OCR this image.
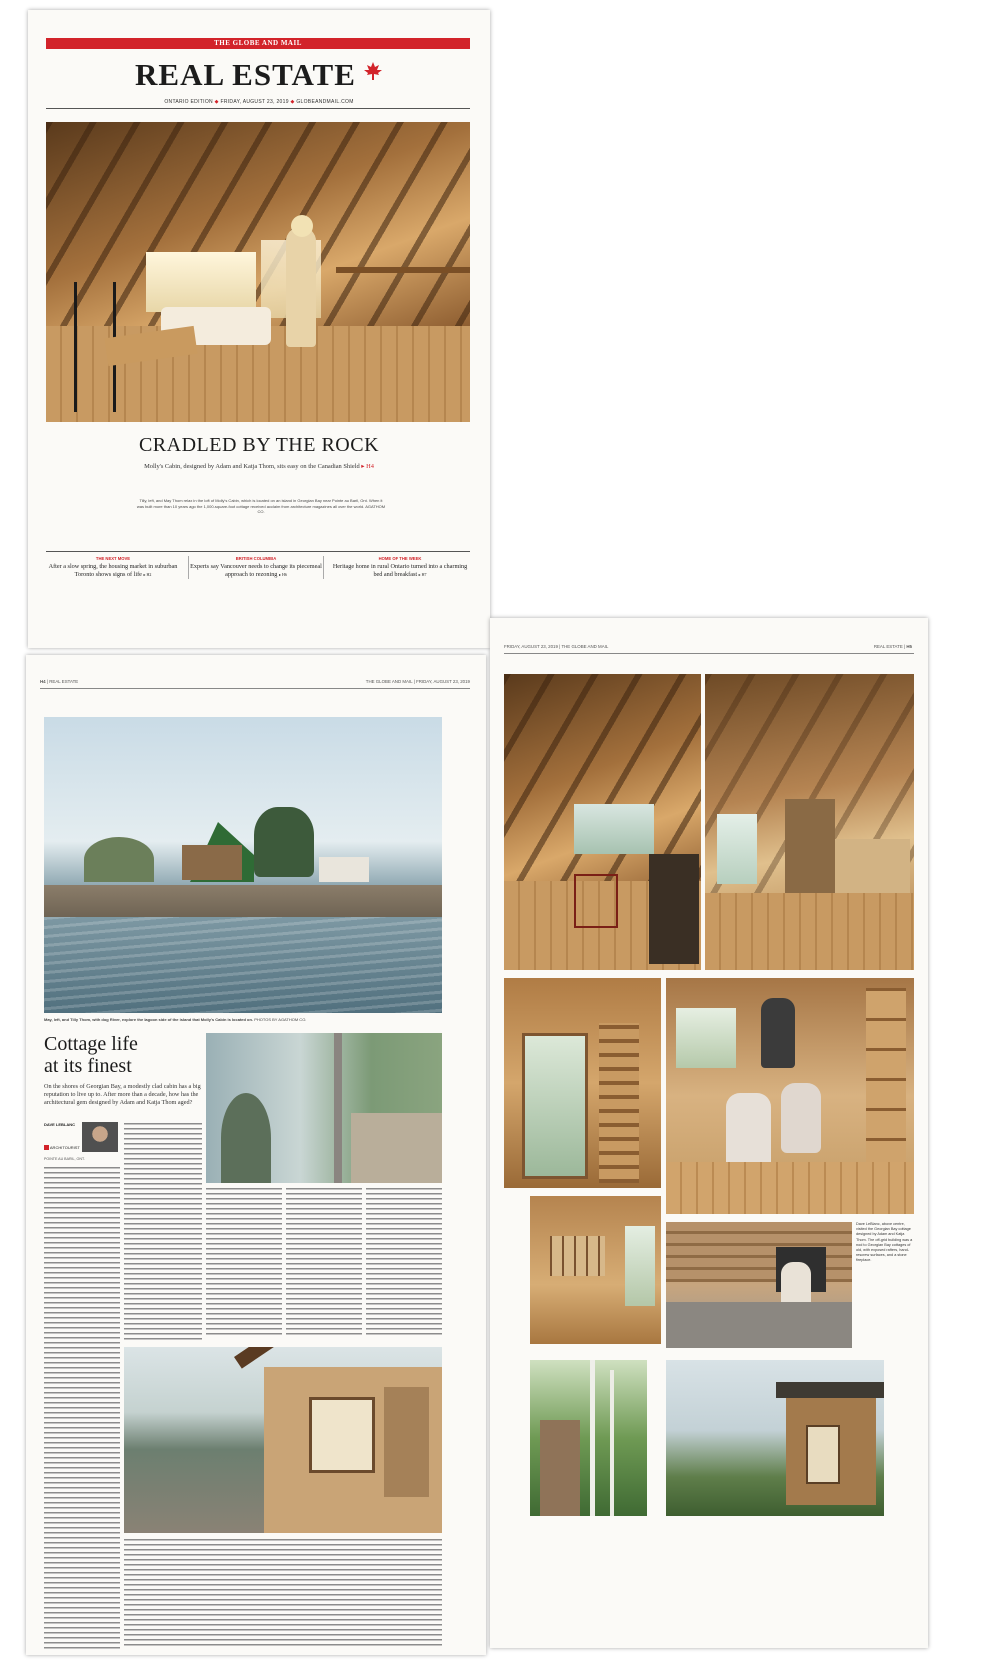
THE GLOBE AND MAIL
REAL ESTATE
ONTARIO EDITION ◆ FRIDAY, AUGUST 23, 2019 ◆ GLOBEANDMAIL.COM
CRADLED BY THE ROCK
Molly's Cabin, designed by Adam and Katja Thom, sits easy on the Canadian Shield ▸ H4
Tilly, left, and May Thom relax in the loft of Molly's Cabin, which is located on an island in Georgian Bay near Pointe au Baril, Ont. When it was built more than 10 years ago the 1,000-square-foot cottage received acclaim from architecture magazines all over the world. AGATHOM CO.
THE NEXT MOVE
After a slow spring, the housing market in suburban Toronto shows signs of life ▸ H2
BRITISH COLUMBIA
Experts say Vancouver needs to change its piecemeal approach to rezoning ▸ H6
HOME OF THE WEEK
Heritage home in rural Ontario turned into a charming bed and breakfast ▸ H7
H4 | REAL ESTATE	THE GLOBE AND MAIL | FRIDAY, AUGUST 23, 2019
May, left, and Tilly Thom, with dog River, explore the lagoon side of the island that Molly's Cabin is located on. PHOTOS BY AGATHOM CO.
Cottage life
at its finest
On the shores of Georgian Bay, a modestly clad cabin has a big reputation to live up to. After more than a decade, how has the architectural gem designed by Adam and Katja Thom aged?
DAVE LEBLANC
ARCHITOURIST
POINTE AU BARIL, ONT.
FRIDAY, AUGUST 23, 2019 | THE GLOBE AND MAIL	REAL ESTATE | H5
Dave LeBlanc, above centre, visited the Georgian Bay cottage designed by Adam and Katja Thom. The off-grid building was a nod to Georgian Bay cottages of old, with exposed rafters, hand-rescrew surfaces, and a stone fireplace.
